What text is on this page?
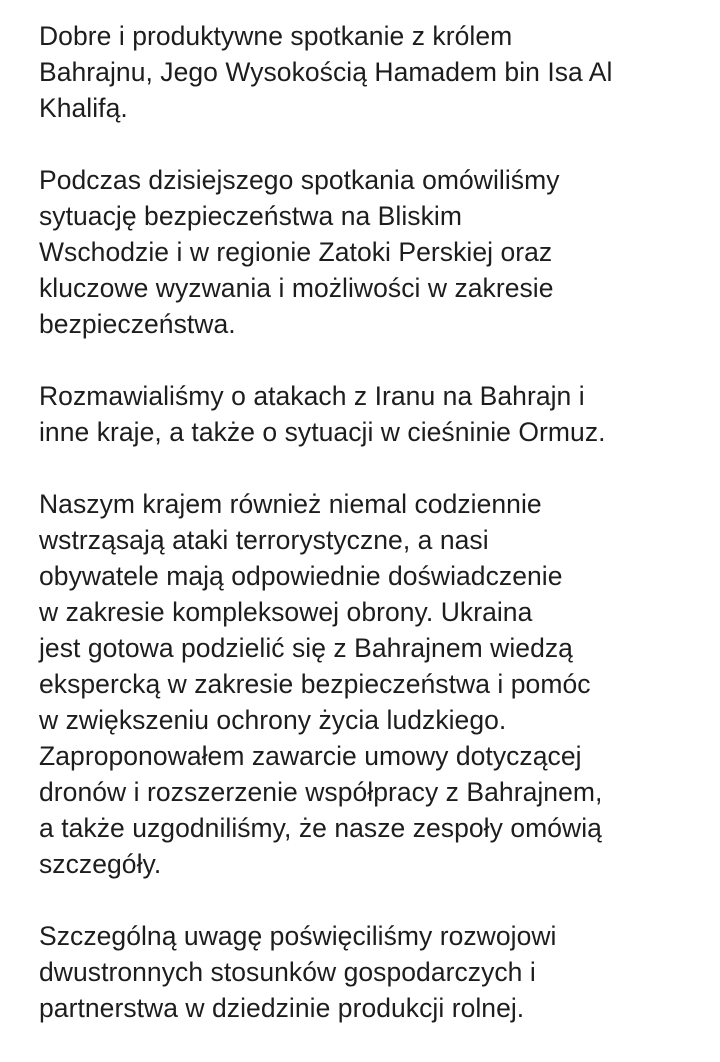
Dobre i produktywne spotkanie z królem
Bahrajnu, Jego Wysokością Hamadem bin Isa Al
Khalifą.

Podczas dzisiejszego spotkania omówiliśmy
sytuację bezpieczeństwa na Bliskim
Wschodzie i w regionie Zatoki Perskiej oraz
kluczowe wyzwania i możliwości w zakresie
bezpieczeństwa.

Rozmawialiśmy o atakach z Iranu na Bahrajn i
inne kraje, a także o sytuacji w cieśninie Ormuz.

Naszym krajem również niemal codziennie
wstrząsają ataki terrorystyczne, a nasi
obywatele mają odpowiednie doświadczenie
w zakresie kompleksowej obrony. Ukraina
jest gotowa podzielić się z Bahrajnem wiedzą
ekspercką w zakresie bezpieczeństwa i pomóc
w zwiększeniu ochrony życia ludzkiego.
Zaproponowałem zawarcie umowy dotyczącej
dronów i rozszerzenie współpracy z Bahrajnem,
a także uzgodniliśmy, że nasze zespoły omówią
szczegóły.

Szczególną uwagę poświęciliśmy rozwojowi
dwustronnych stosunków gospodarczych i
partnerstwa w dziedzinie produkcji rolnej.
